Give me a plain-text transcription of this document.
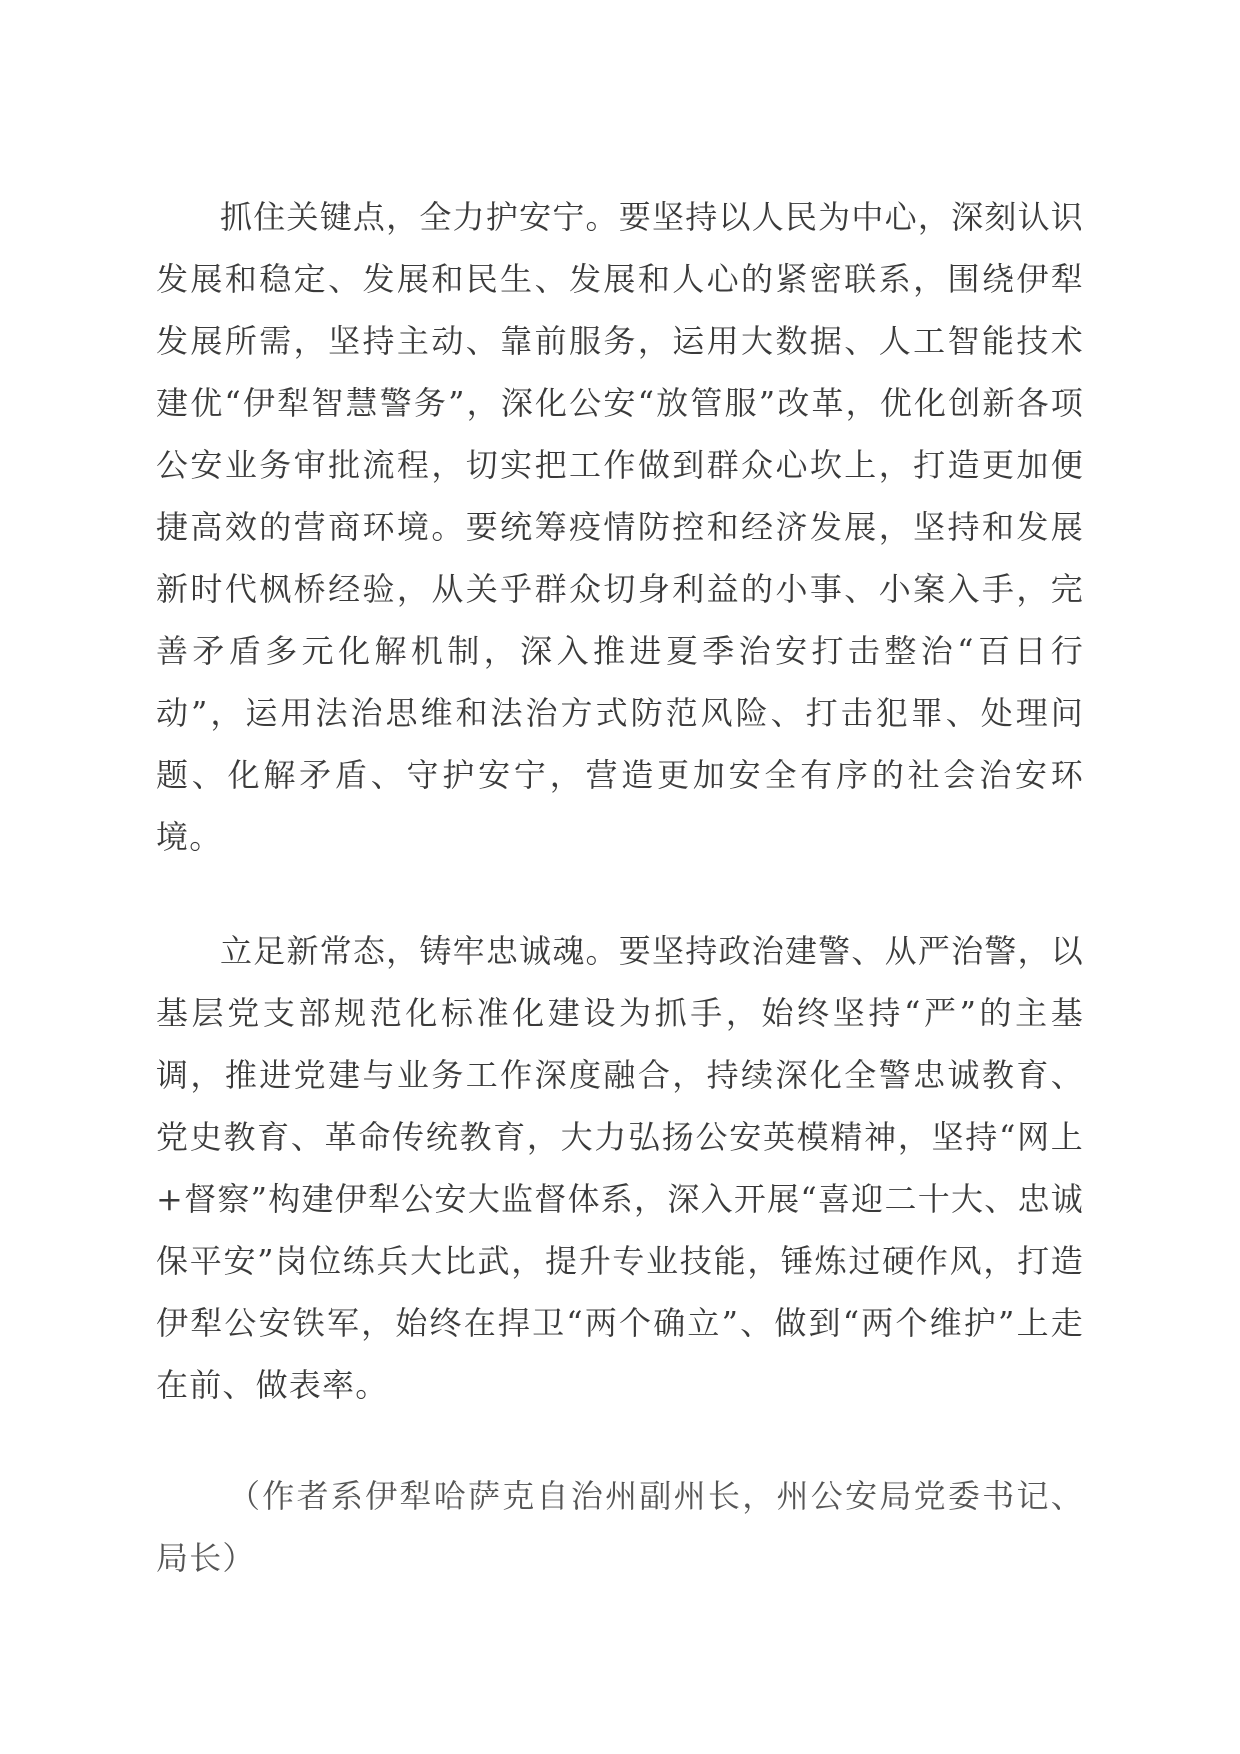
抓住关键点，全力护安宁。要坚持以人民为中心，深刻认识发展和稳定、发展和民生、发展和人心的紧密联系，围绕伊犁发展所需，坚持主动、靠前服务，运用大数据、人工智能技术建优“伊犁智慧警务”，深化公安“放管服”改革，优化创新各项公安业务审批流程，切实把工作做到群众心坎上，打造更加便捷高效的营商环境。要统筹疫情防控和经济发展，坚持和发展新时代枫桥经验，从关乎群众切身利益的小事、小案入手，完善矛盾多元化解机制，深入推进夏季治安打击整治“百日行动”，运用法治思维和法治方式防范风险、打击犯罪、处理问题、化解矛盾、守护安宁，营造更加安全有序的社会治安环境。

立足新常态，铸牢忠诚魂。要坚持政治建警、从严治警，以基层党支部规范化标准化建设为抓手，始终坚持“严”的主基调，推进党建与业务工作深度融合，持续深化全警忠诚教育、党史教育、革命传统教育，大力弘扬公安英模精神，坚持“网上+督察”构建伊犁公安大监督体系，深入开展“喜迎二十大、忠诚保平安”岗位练兵大比武，提升专业技能，锤炼过硬作风，打造伊犁公安铁军，始终在捍卫“两个确立”、做到“两个维护”上走在前、做表率。

（作者系伊犁哈萨克自治州副州长，州公安局党委书记、局长）
